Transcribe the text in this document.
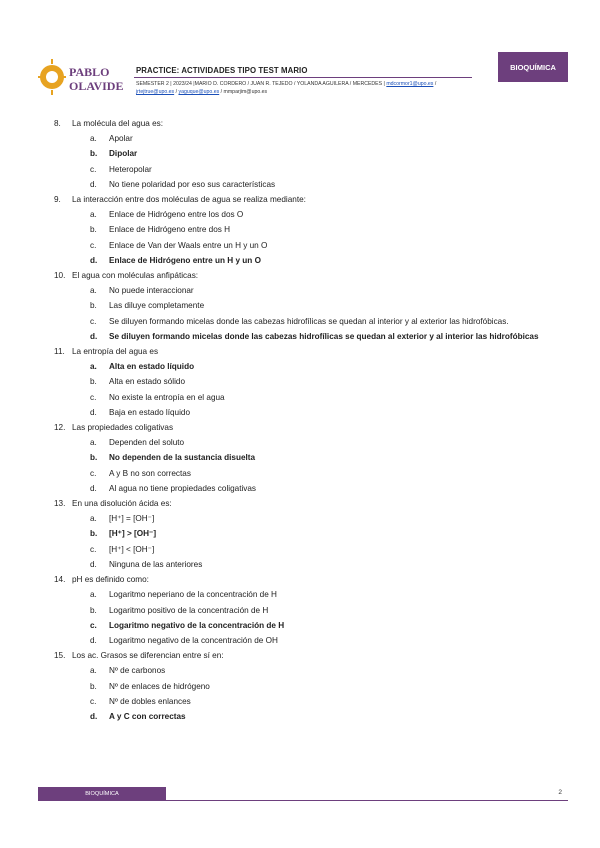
PABLO
OLAVIDE
PRACTICE: ACTIVIDADES TIPO TEST MARIO
SEMESTER 2 | 2023/24 |MARIO D. CORDERO / JUAN R. TEJEDO / YOLANDA AGUILERA / MERCEDES | mdcormor1@upo.es /
jrtejtrue@upo.es / yaguque@upo.es / mmparjim@upo.es
BIOQUÍMICA
8.	La molécula del agua es:
a.	Apolar
b.	Dipolar
c.	Heteropolar
d.	No tiene polaridad por eso sus características
9.	La interacción entre dos moléculas de agua se realiza mediante:
a.	Enlace de Hidrógeno entre los dos O
b.	Enlace de Hidrógeno entre dos H
c.	Enlace de Van der Waals entre un H y un O
d.	Enlace de Hidrógeno entre un H y un O
10. El agua con moléculas anfipáticas:
a.	No puede interaccionar
b.	Las diluye completamente
c.	Se diluyen formando micelas donde las cabezas hidrofílicas se quedan al interior y al exterior las hidrofóbicas.
d.	Se diluyen formando micelas donde las cabezas hidrofílicas se quedan al exterior y al interior las hidrofóbicas
11. La entropía del agua es
a.	Alta en estado líquido
b.	Alta en estado sólido
c.	No existe la entropía en el agua
d.	Baja en estado líquido
12. Las propiedades coligativas
a.	Dependen del soluto
b.	No dependen de la sustancia disuelta
c.	A y B no son correctas
d.	Al agua no tiene propiedades coligativas
13. En una disolución ácida es:
a.	[H⁺] = [OH⁻]
b.	[H⁺] > [OH⁻]
c.	[H⁺] < [OH⁻]
d.	Ninguna de las anteriores
14. pH es definido como:
a.	Logaritmo neperiano de la concentración de H
b.	Logaritmo positivo de la concentración de H
c.	Logaritmo negativo de la concentración de H
d.	Logaritmo negativo de la concentración de OH
15. Los ac. Grasos se diferencian entre sí en:
a.	Nº de carbonos
b.	Nº de enlaces de hidrógeno
c.	Nº de dobles enlances
d.	A y C con correctas
BIOQUÍMICA	2
